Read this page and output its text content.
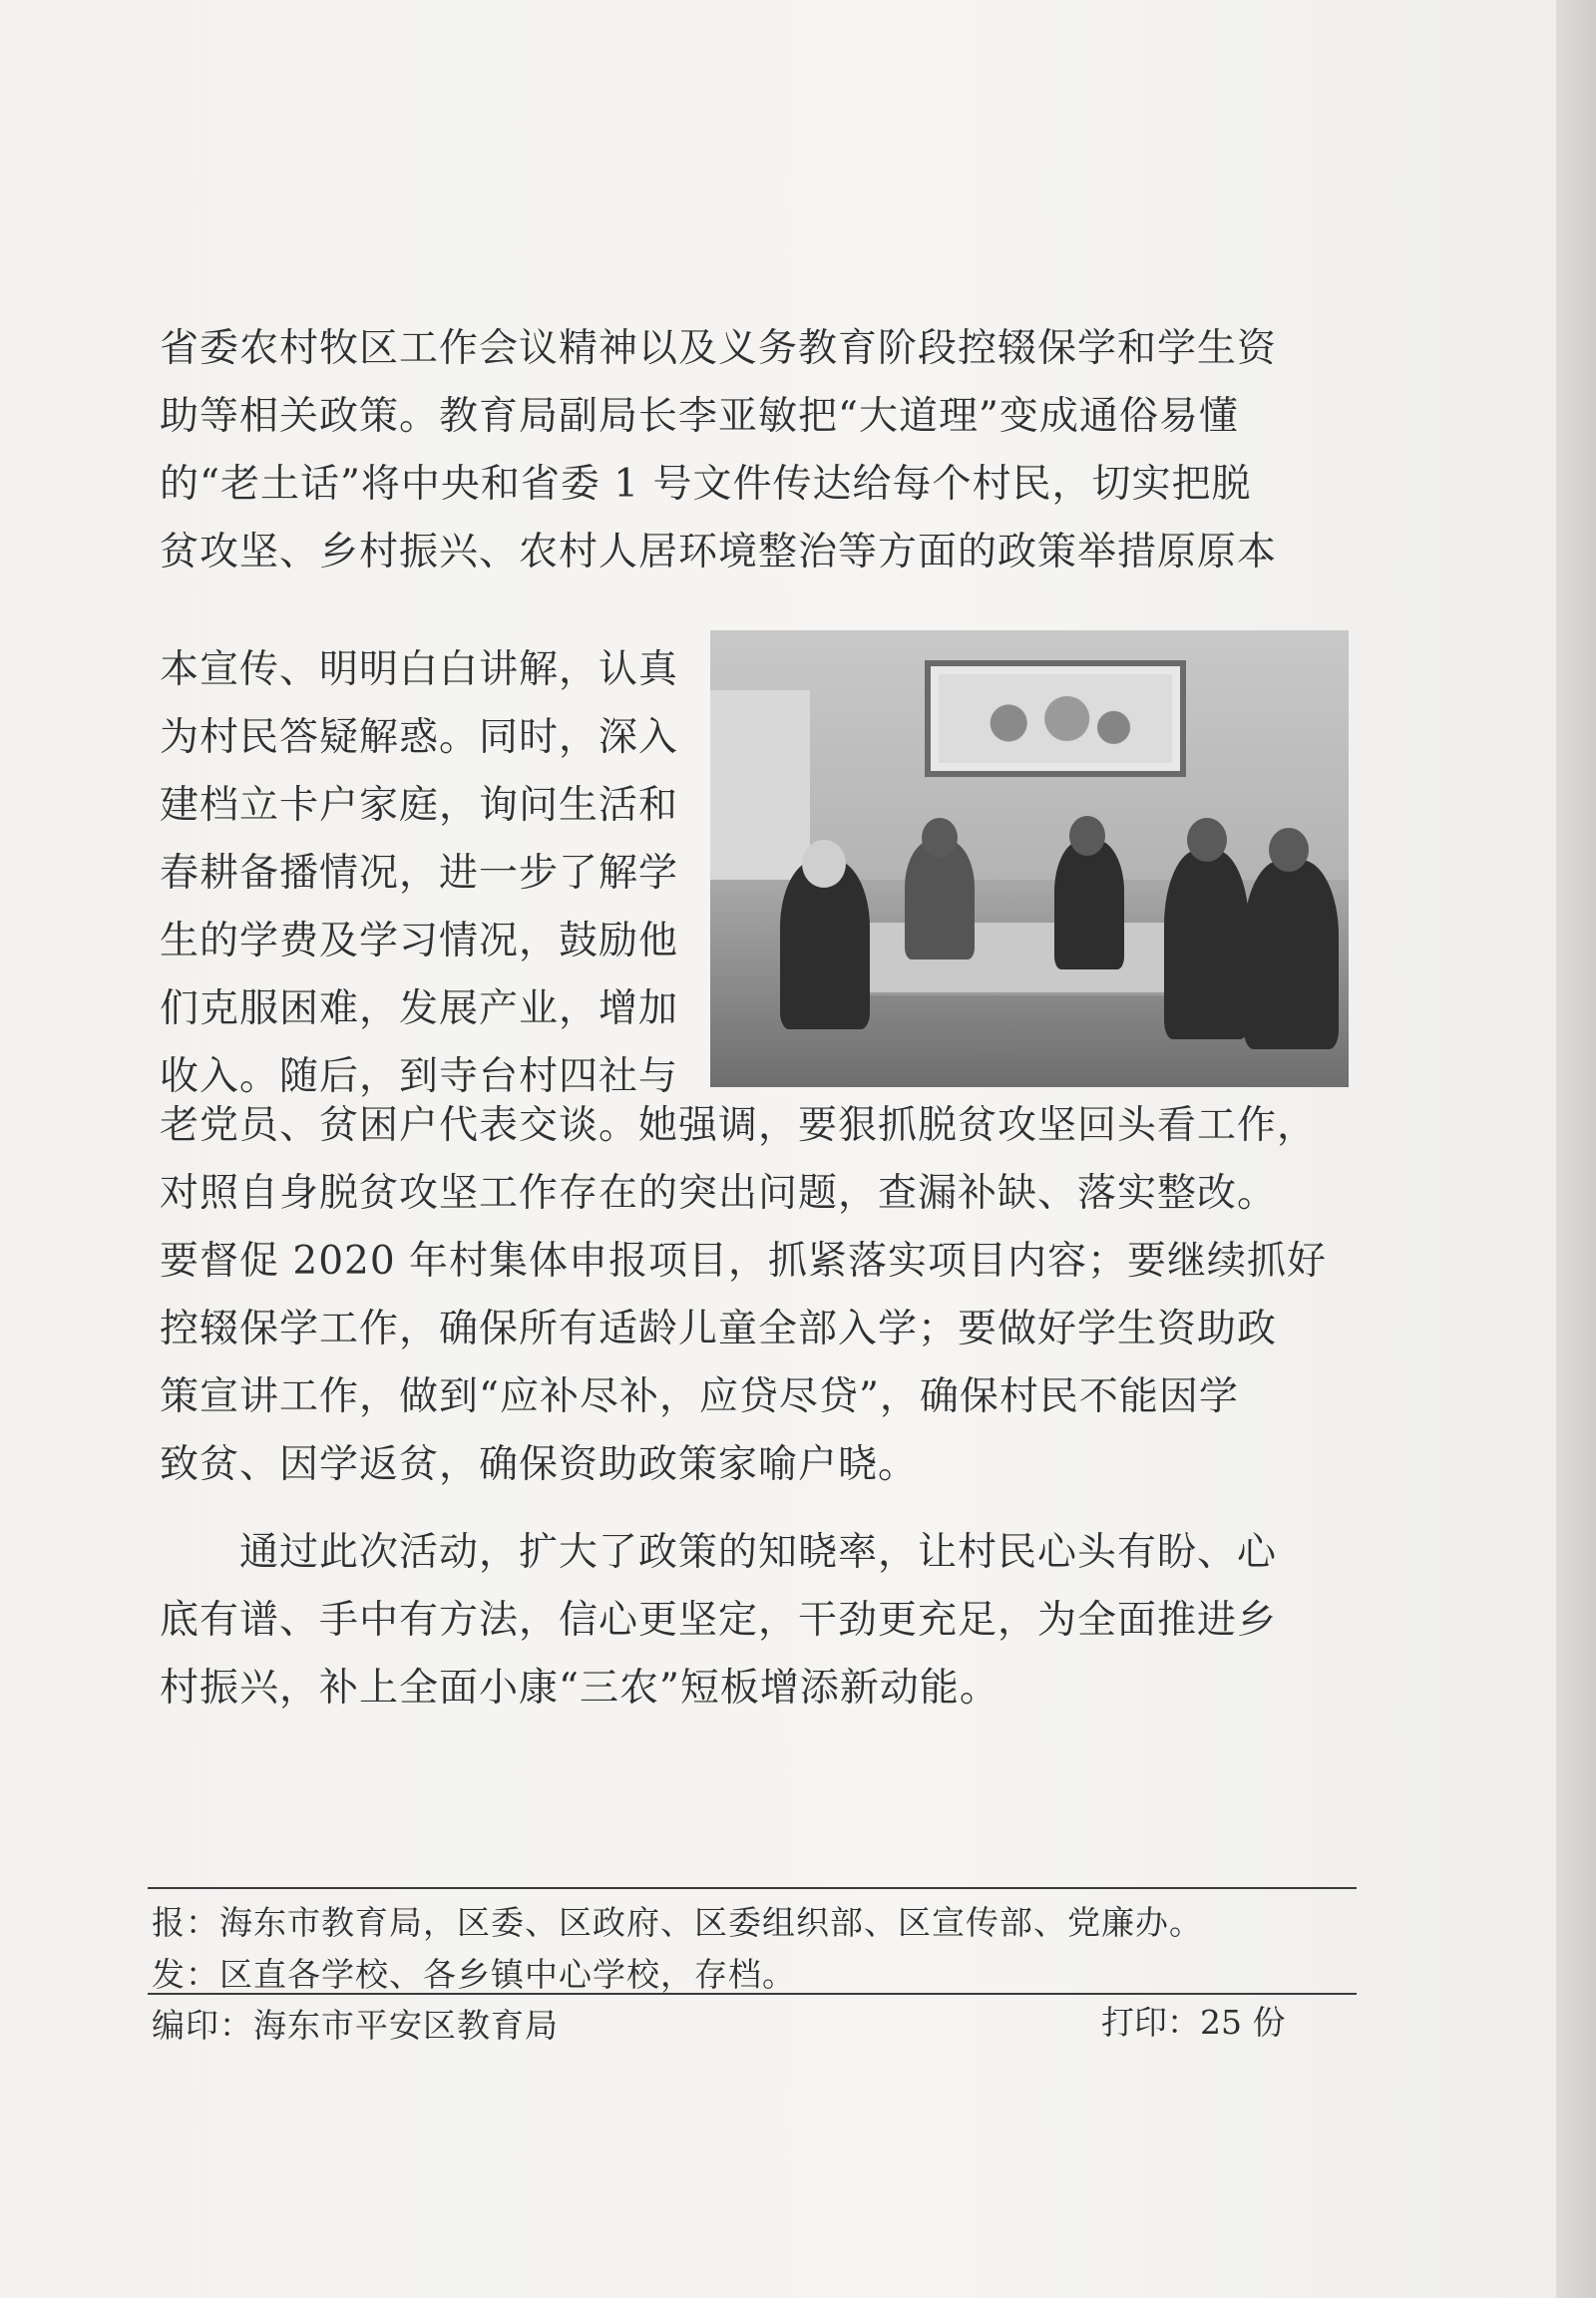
省委农村牧区工作会议精神以及义务教育阶段控辍保学和学生资
助等相关政策。教育局副局长李亚敏把“大道理”变成通俗易懂
的“老土话”将中央和省委 1 号文件传达给每个村民，切实把脱
贫攻坚、乡村振兴、农村人居环境整治等方面的政策举措原原本
本宣传、明明白白讲解，认真
为村民答疑解惑。同时，深入
建档立卡户家庭，询问生活和
春耕备播情况，进一步了解学
生的学费及学习情况，鼓励他
们克服困难，发展产业，增加
收入。随后，到寺台村四社与
老党员、贫困户代表交谈。她强调，要狠抓脱贫攻坚回头看工作，
对照自身脱贫攻坚工作存在的突出问题，查漏补缺、落实整改。
要督促 2020 年村集体申报项目，抓紧落实项目内容；要继续抓好
控辍保学工作，确保所有适龄儿童全部入学；要做好学生资助政
策宣讲工作，做到“应补尽补，应贷尽贷”，确保村民不能因学
致贫、因学返贫，确保资助政策家喻户晓。
　　通过此次活动，扩大了政策的知晓率，让村民心头有盼、心
底有谱、手中有方法，信心更坚定，干劲更充足，为全面推进乡
村振兴，补上全面小康“三农”短板增添新动能。
报：海东市教育局，区委、区政府、区委组织部、区宣传部、党廉办。
发：区直各学校、各乡镇中心学校，存档。
编印：海东市平安区教育局	打印：25 份
